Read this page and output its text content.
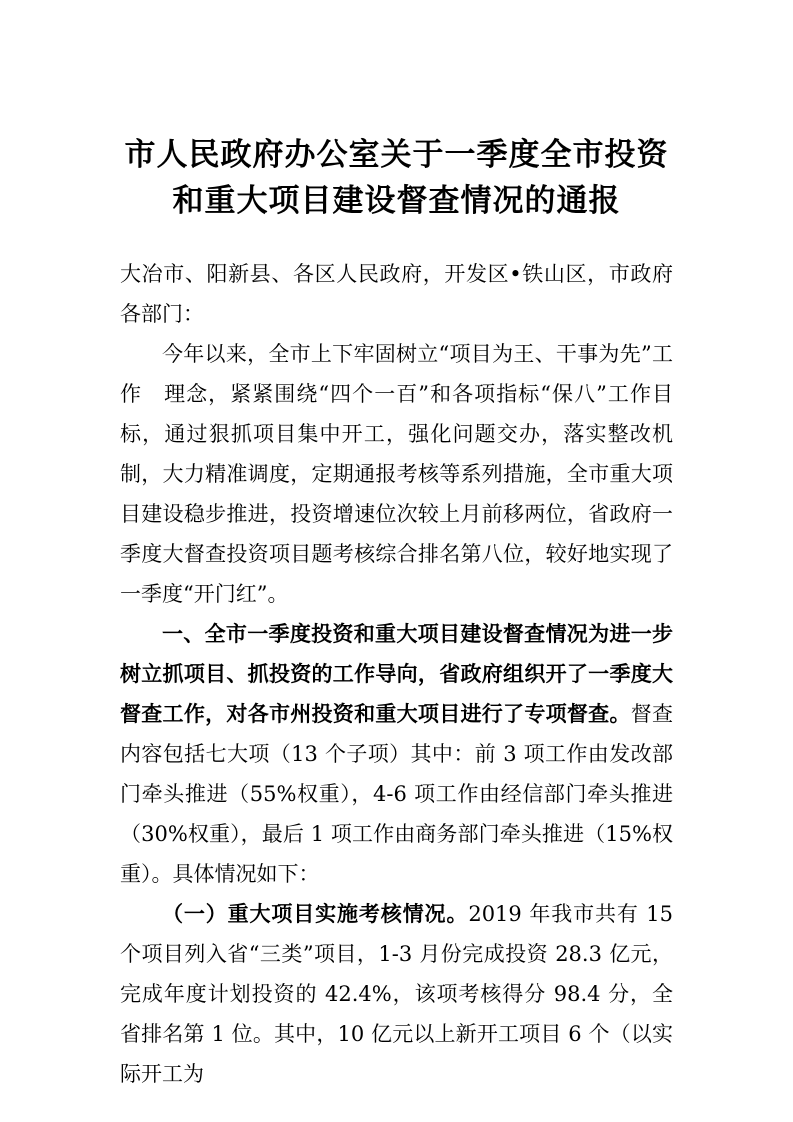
市人民政府办公室关于一季度全市投资
和重大项目建设督查情况的通报

大冶市、阳新县、各区人民政府，开发区•铁山区，市政府各部门：

今年以来，全市上下牢固树立“项目为王、干事为先”工作　理念，紧紧围绕“四个一百”和各项指标“保八”工作目标，通过狠抓项目集中开工，强化问题交办，落实整改机制，大力精准调度，定期通报考核等系列措施，全市重大项目建设稳步推进，投资增速位次较上月前移两位，省政府一季度大督查投资项目题考核综合排名第八位，较好地实现了一季度“开门红”。

一、全市一季度投资和重大项目建设督查情况为进一步树立抓项目、抓投资的工作导向，省政府组织开了一季度大督查工作，对各市州投资和重大项目进行了专项督查。督查内容包括七大项（13 个子项）其中：前 3 项工作由发改部门牵头推进（55%权重），4-6 项工作由经信部门牵头推进（30%权重），最后 1 项工作由商务部门牵头推进（15%权重）。具体情况如下：

（一）重大项目实施考核情况。2019 年我市共有 15 个项目列入省“三类”项目，1-3 月份完成投资 28.3 亿元，完成年度计划投资的 42.4%，该项考核得分 98.4 分，全省排名第 1 位。其中，10 亿元以上新开工项目 6 个（以实际开工为
